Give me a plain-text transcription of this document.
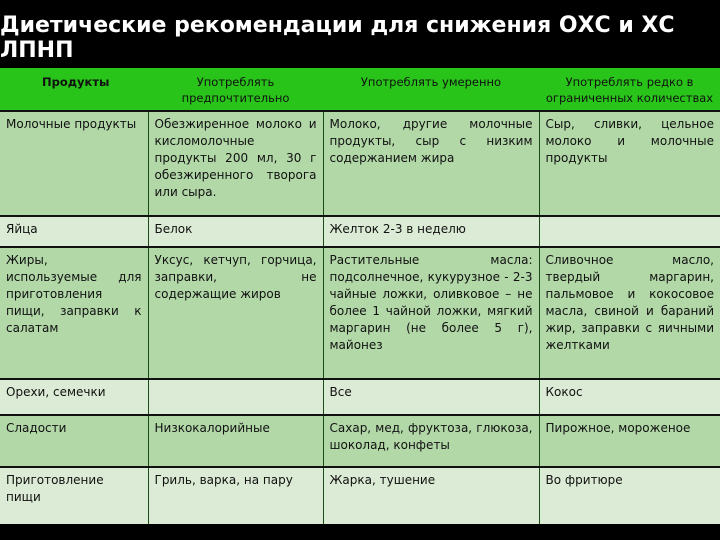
Диетические рекомендации для снижения ОХС и ХС ЛПНП
Продукты	Употреблять предпочтительно	Употреблять умеренно	Употреблять редко в ограниченных количествах
Молочные продукты	Обезжиренное молоко и кисломолочные продукты 200 мл, 30 г обезжиренного творога или сыра.	Молоко, другие молочные продукты, сыр с низким содержанием жира	Сыр, сливки, цельное молоко и молочные продукты
Яйца	Белок	Желток 2-3 в неделю	
Жиры, используемые для приготовления пищи, заправки к салатам	Уксус, кетчуп, горчица, заправки, не содержащие жиров	Растительные масла: подсолнечное, кукурузное - 2-3 чайные ложки, оливковое – не более 1 чайной ложки, мягкий маргарин (не более 5 г), майонез	Сливочное масло, твердый маргарин, пальмовое и кокосовое масла, свиной и бараний жир, заправки с яичными желтками
Орехи, семечки		Все	Кокос
Сладости	Низкокалорийные	Сахар, мед, фруктоза, глюкоза, шоколад, конфеты	Пирожное, мороженое
Приготовление пищи	Гриль, варка, на пару	Жарка, тушение	Во фритюре
